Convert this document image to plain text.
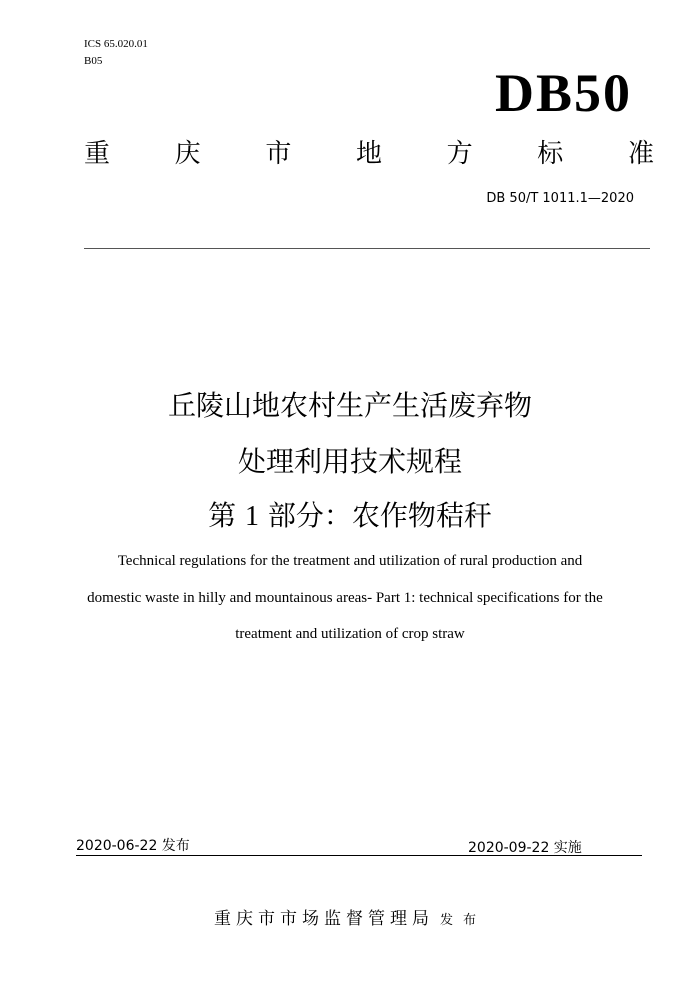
ICS 65.020.01
B05
DB50
重 庆 市 地 方 标 准
DB 50/T 1011.1—2020
丘陵山地农村生产生活废弃物
处理利用技术规程
第 1 部分：农作物秸秆
Technical regulations for the treatment and utilization of rural production and
domestic waste in hilly and mountainous areas- Part 1: technical specifications for the
treatment and utilization of crop straw
2020-06-22 发布	2020-09-22 实施
重庆市市场监督管理局 发布
